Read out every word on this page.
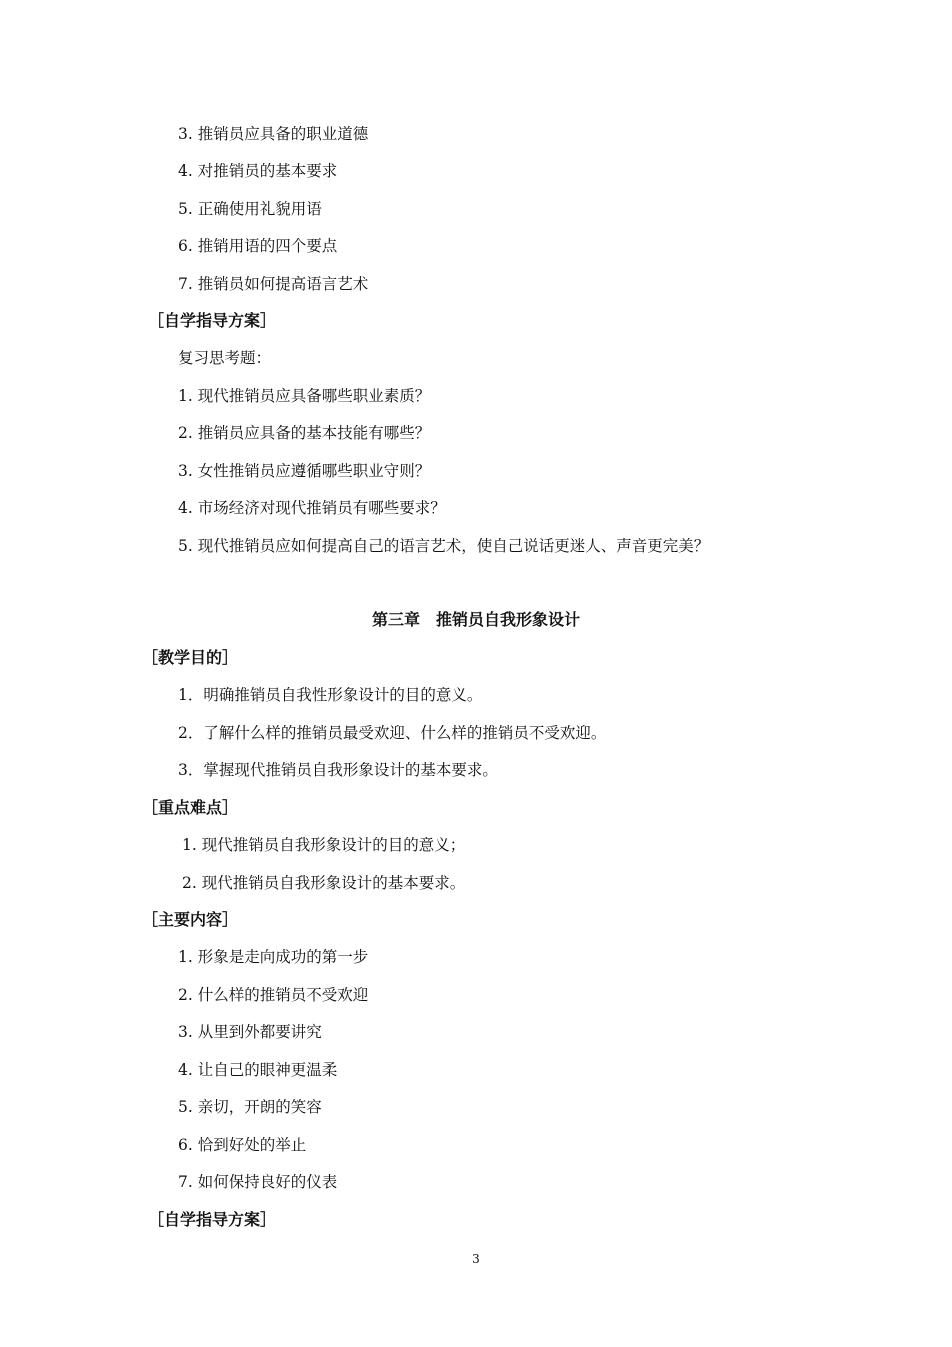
3. 推销员应具备的职业道德
4. 对推销员的基本要求
5. 正确使用礼貌用语
6. 推销用语的四个要点
7. 推销员如何提高语言艺术
［自学指导方案］
复习思考题：
1. 现代推销员应具备哪些职业素质？
2. 推销员应具备的基本技能有哪些？
3. 女性推销员应遵循哪些职业守则？
4. 市场经济对现代推销员有哪些要求？
5. 现代推销员应如何提高自己的语言艺术，使自己说话更迷人、声音更完美？
第三章　推销员自我形象设计
［教学目的］
1．明确推销员自我性形象设计的目的意义。
2．了解什么样的推销员最受欢迎、什么样的推销员不受欢迎。
3．掌握现代推销员自我形象设计的基本要求。
［重点难点］
1. 现代推销员自我形象设计的目的意义；
2. 现代推销员自我形象设计的基本要求。
［主要内容］
1. 形象是走向成功的第一步
2. 什么样的推销员不受欢迎
3. 从里到外都要讲究
4. 让自己的眼神更温柔
5. 亲切，开朗的笑容
6. 恰到好处的举止
7. 如何保持良好的仪表
［自学指导方案］
3
